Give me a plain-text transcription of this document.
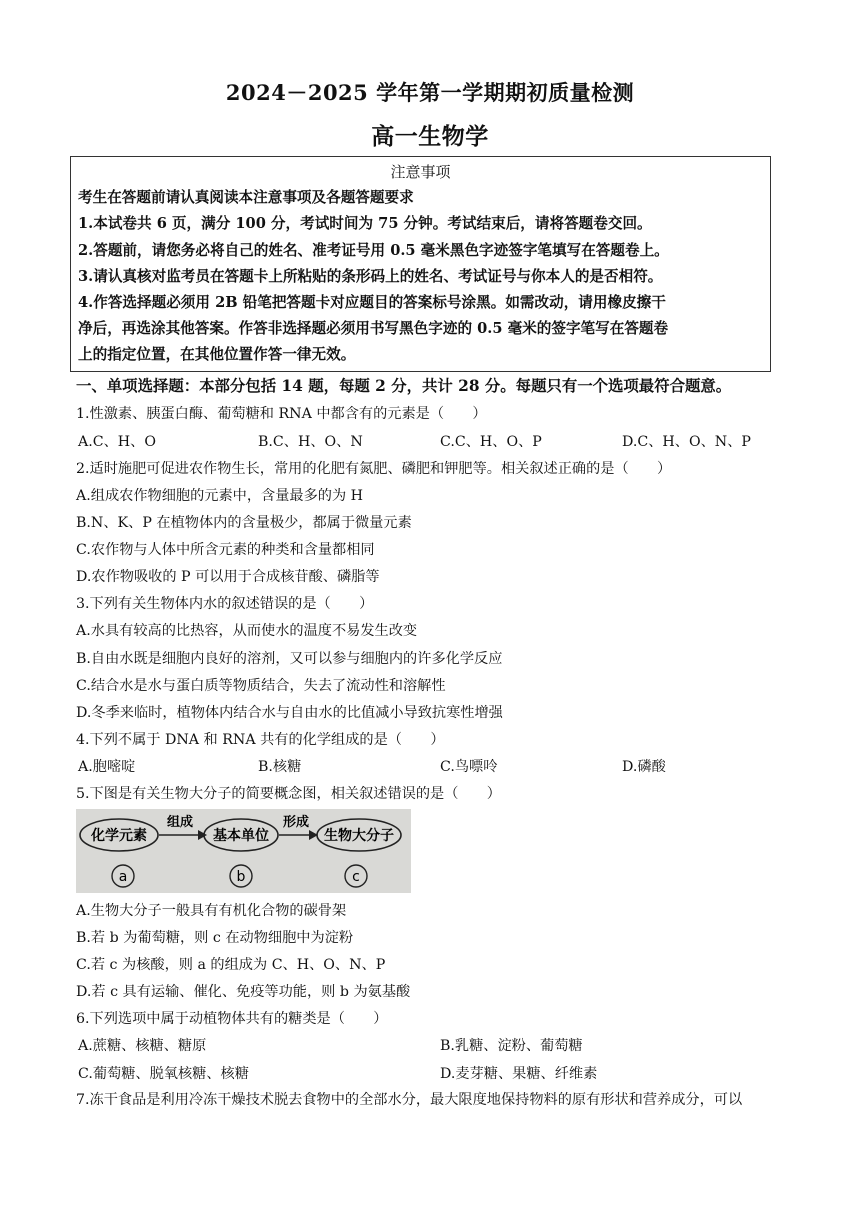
2024－2025 学年第一学期期初质量检测
高一生物学
注意事项
考生在答题前请认真阅读本注意事项及各题答题要求
1.本试卷共 6 页，满分 100 分，考试时间为 75 分钟。考试结束后，请将答题卷交回。
2.答题前，请您务必将自己的姓名、准考证号用 0.5 毫米黑色字迹签字笔填写在答题卷上。
3.请认真核对监考员在答题卡上所粘贴的条形码上的姓名、考试证号与你本人的是否相符。
4.作答选择题必须用 2B 铅笔把答题卡对应题目的答案标号涂黑。如需改动，请用橡皮擦干
净后，再选涂其他答案。作答非选择题必须用书写黑色字迹的 0.5 毫米的签字笔写在答题卷
上的指定位置，在其他位置作答一律无效。
一、单项选择题：本部分包括 14 题，每题 2 分，共计 28 分。每题只有一个选项最符合题意。
1.性激素、胰蛋白酶、葡萄糖和 RNA 中都含有的元素是（　　）
A.C、H、O	B.C、H、O、N	C.C、H、O、P	D.C、H、O、N、P
2.适时施肥可促进农作物生长，常用的化肥有氮肥、磷肥和钾肥等。相关叙述正确的是（　　）
A.组成农作物细胞的元素中，含量最多的为 H
B.N、K、P 在植物体内的含量极少，都属于微量元素
C.农作物与人体中所含元素的种类和含量都相同
D.农作物吸收的 P 可以用于合成核苷酸、磷脂等
3.下列有关生物体内水的叙述错误的是（　　）
A.水具有较高的比热容，从而使水的温度不易发生改变
B.自由水既是细胞内良好的溶剂，又可以参与细胞内的许多化学反应
C.结合水是水与蛋白质等物质结合，失去了流动性和溶解性
D.冬季来临时，植物体内结合水与自由水的比值减小导致抗寒性增强
4.下列不属于 DNA 和 RNA 共有的化学组成的是（　　）
A.胞嘧啶	B.核糖	C.鸟嘌呤	D.磷酸
5.下图是有关生物大分子的简要概念图，相关叙述错误的是（　　）
化学元素
组成
基本单位
形成
生物大分子
a	b	c
A.生物大分子一般具有有机化合物的碳骨架
B.若 b 为葡萄糖，则 c 在动物细胞中为淀粉
C.若 c 为核酸，则 a 的组成为 C、H、O、N、P
D.若 c 具有运输、催化、免疫等功能，则 b 为氨基酸
6.下列选项中属于动植物体共有的糖类是（　　）
A.蔗糖、核糖、糖原	B.乳糖、淀粉、葡萄糖
C.葡萄糖、脱氧核糖、核糖	D.麦芽糖、果糖、纤维素
7.冻干食品是利用冷冻干燥技术脱去食物中的全部水分，最大限度地保持物料的原有形状和营养成分，可以
